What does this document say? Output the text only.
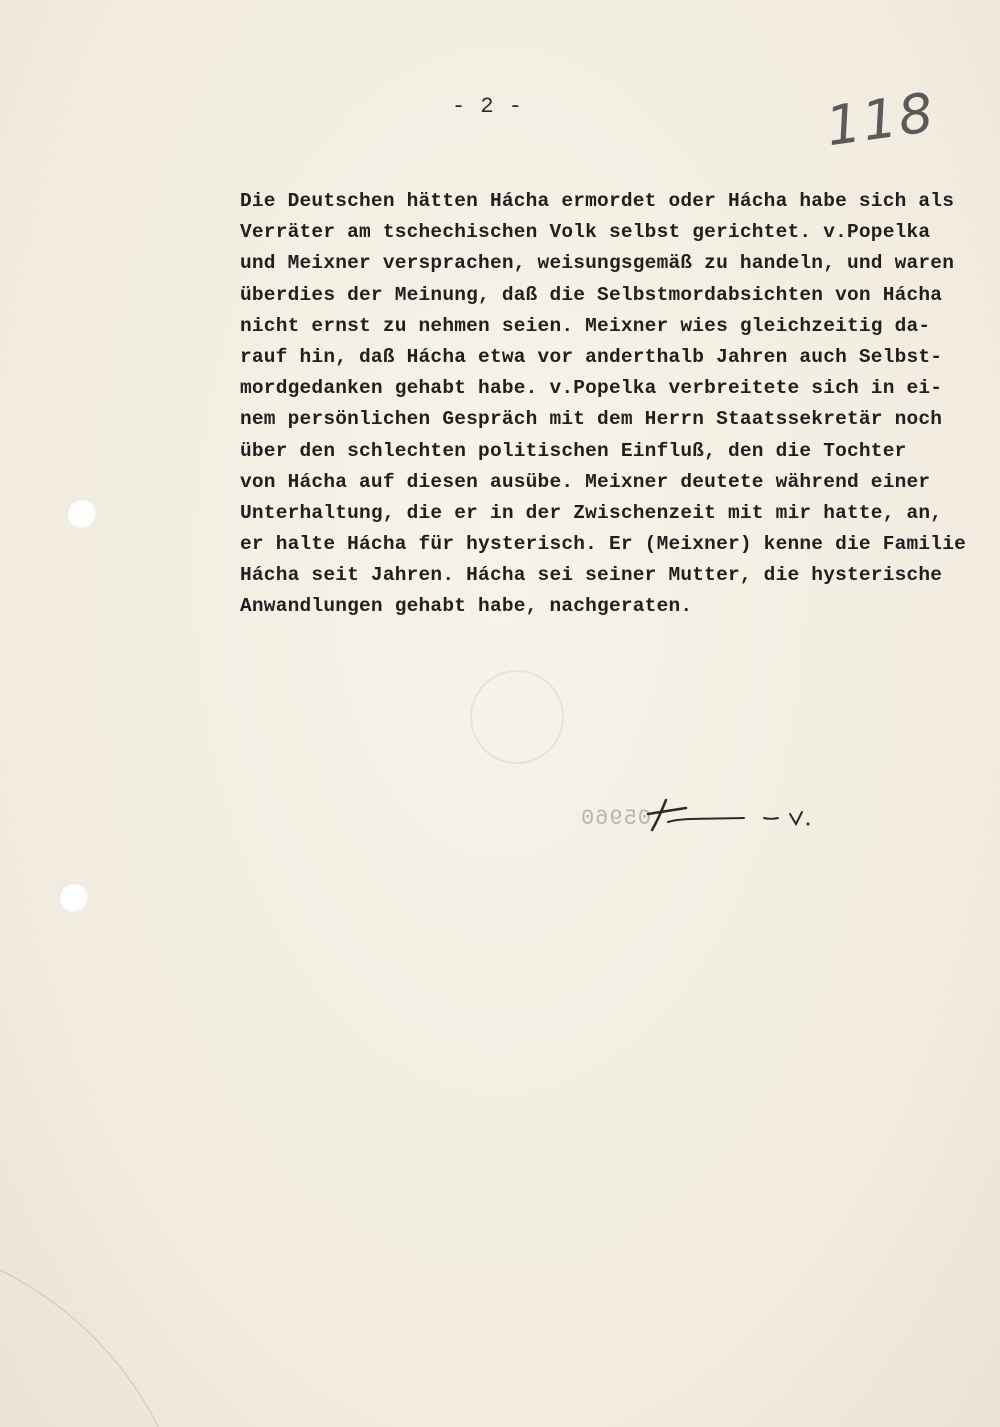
- 2 -	118
Die Deutschen hätten Hácha ermordet oder Hácha habe sich als
Verräter am tschechischen Volk selbst gerichtet. v.Popelka
und Meixner versprachen, weisungsgemäß zu handeln, und waren
überdies der Meinung, daß die Selbstmordabsichten von Hácha
nicht ernst zu nehmen seien. Meixner wies gleichzeitig da-
rauf hin, daß Hácha etwa vor anderthalb Jahren auch Selbst-
mordgedanken gehabt habe. v.Popelka verbreitete sich in ei-
nem persönlichen Gespräch mit dem Herrn Staatssekretär noch
über den schlechten politischen Einfluß, den die Tochter
von Hácha auf diesen ausübe. Meixner deutete während einer
Unterhaltung, die er in der Zwischenzeit mit mir hatte, an,
er halte Hácha für hysterisch. Er (Meixner) kenne die Familie
Hácha seit Jahren. Hácha sei seiner Mutter, die hysterische
Anwandlungen gehabt habe, nachgeraten.
05960
